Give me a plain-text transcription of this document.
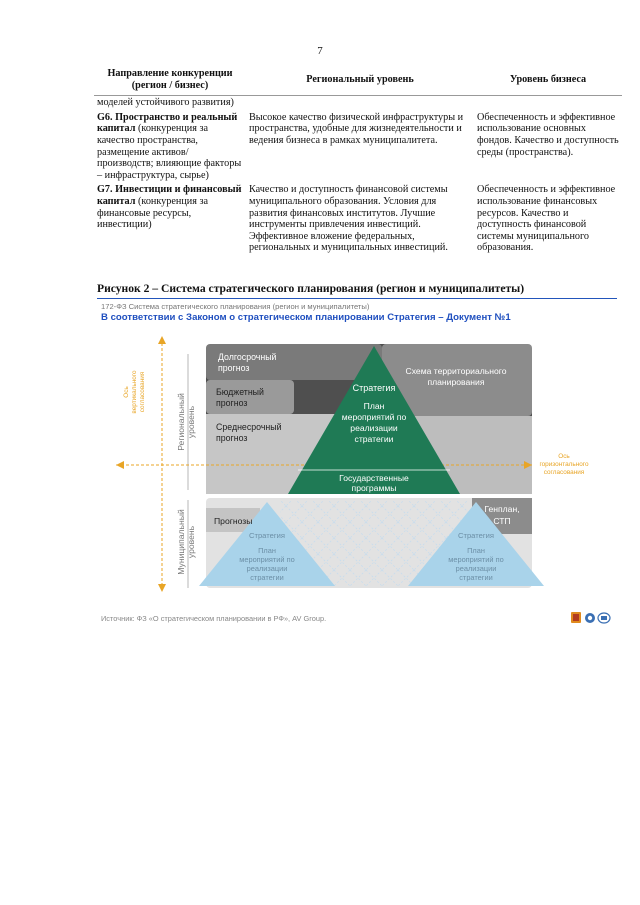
7
Направление конкуренции (регион / бизнес)	Региональный уровень	Уровень бизнеса
моделей устойчивого развития)		
G6. Пространство и реальный капитал (конкуренция за качество пространства, размещение активов/производств; влияющие факторы – инфраструктура, сырье)	Высокое качество физической инфраструктуры и пространства, удобные для жизнедеятельности и ведения бизнеса в рамках муниципалитета.	Обеспеченность и эффективное использование основных фондов. Качество и доступность среды (пространства).
G7. Инвестиции и финансовый капитал (конкуренция за финансовые ресурсы, инвестиции)	Качество и доступность финансовой системы муниципального образования. Условия для развития финансовых институтов. Лучшие инструменты привлечения инвестиций. Эффективное вложение федеральных, региональных и муниципальных инвестиций.	Обеспеченность и эффективное использование финансовых ресурсов. Качество и доступность финансовой системы муниципального образования.
Рисунок 2 – Система стратегического планирования (регион и муниципалитеты)
172-ФЗ Система стратегического планирования (регион и муниципалитеты)
В соответствии с Законом о стратегическом планировании Стратегия – Документ №1
Ось вертикального согласования
Региональный уровень
Муниципальный уровень
Ось
горизонтального
согласования
Долгосрочный
прогноз
Бюджетный
прогноз
Среднесрочный
прогноз
Схема территориального
планирования
Стратегия
План
мероприятий по
реализации
стратегии
Государственные
программы
Прогнозы
Генплан,
СТП
Стратегия
План
мероприятий по
реализации
стратегии
Стратегия
План
мероприятий по
реализации
стратегии
Источник: ФЗ «О стратегическом планировании в РФ», AV Group.
